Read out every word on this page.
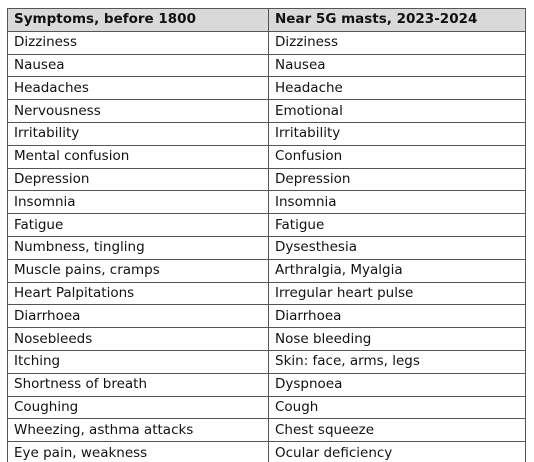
Symptoms, before 1800	Near 5G masts, 2023-2024
Dizziness	Dizziness
Nausea	Nausea
Headaches	Headache
Nervousness	Emotional
Irritability	Irritability
Mental confusion	Confusion
Depression	Depression
Insomnia	Insomnia
Fatigue	Fatigue
Numbness, tingling	Dysesthesia
Muscle pains, cramps	Arthralgia, Myalgia
Heart Palpitations	Irregular heart pulse
Diarrhoea	Diarrhoea
Nosebleeds	Nose bleeding
Itching	Skin: face, arms, legs
Shortness of breath	Dyspnoea
Coughing	Cough
Wheezing, asthma attacks	Chest squeeze
Eye pain, weakness	Ocular deficiency
